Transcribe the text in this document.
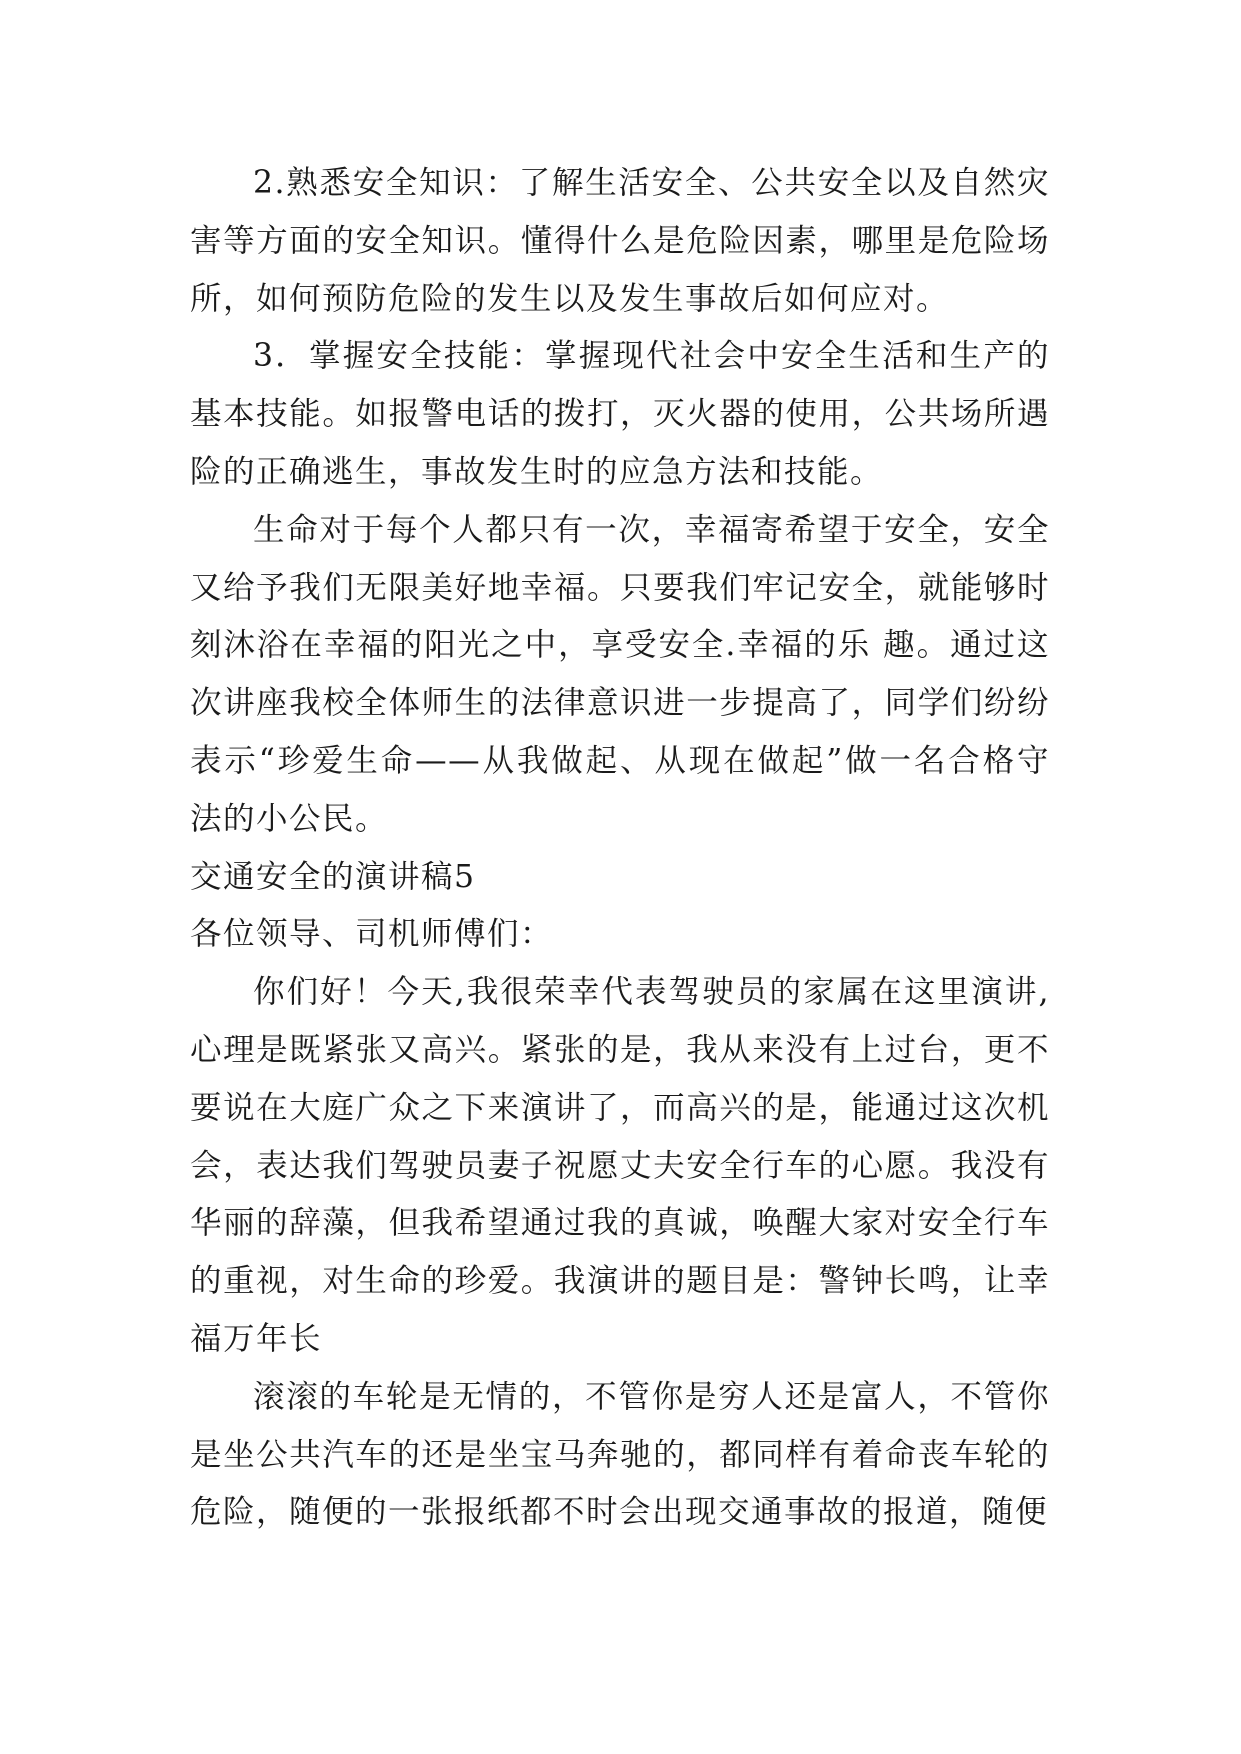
2.熟悉安全知识：了解生活安全、公共安全以及自然灾害等方面的安全知识。懂得什么是危险因素，哪里是危险场所，如何预防危险的发生以及发生事故后如何应对。

3．掌握安全技能：掌握现代社会中安全生活和生产的基本技能。如报警电话的拨打，灭火器的使用，公共场所遇险的正确逃生，事故发生时的应急方法和技能。

生命对于每个人都只有一次，幸福寄希望于安全，安全又给予我们无限美好地幸福。只要我们牢记安全，就能够时刻沐浴在幸福的阳光之中，享受安全.幸福的乐 趣。通过这次讲座我校全体师生的法律意识进一步提高了，同学们纷纷表示“珍爱生命——从我做起、从现在做起”做一名合格守法的小公民。

交通安全的演讲稿5

各位领导、司机师傅们：

你们好！今天,我很荣幸代表驾驶员的家属在这里演讲,心理是既紧张又高兴。紧张的是，我从来没有上过台，更不要说在大庭广众之下来演讲了，而高兴的是，能通过这次机会，表达我们驾驶员妻子祝愿丈夫安全行车的心愿。我没有华丽的辞藻，但我希望通过我的真诚，唤醒大家对安全行车的重视，对生命的珍爱。我演讲的题目是：警钟长鸣，让幸福万年长

滚滚的车轮是无情的，不管你是穷人还是富人，不管你是坐公共汽车的还是坐宝马奔驰的，都同样有着命丧车轮的危险，随便的一张报纸都不时会出现交通事故的报道，随便
